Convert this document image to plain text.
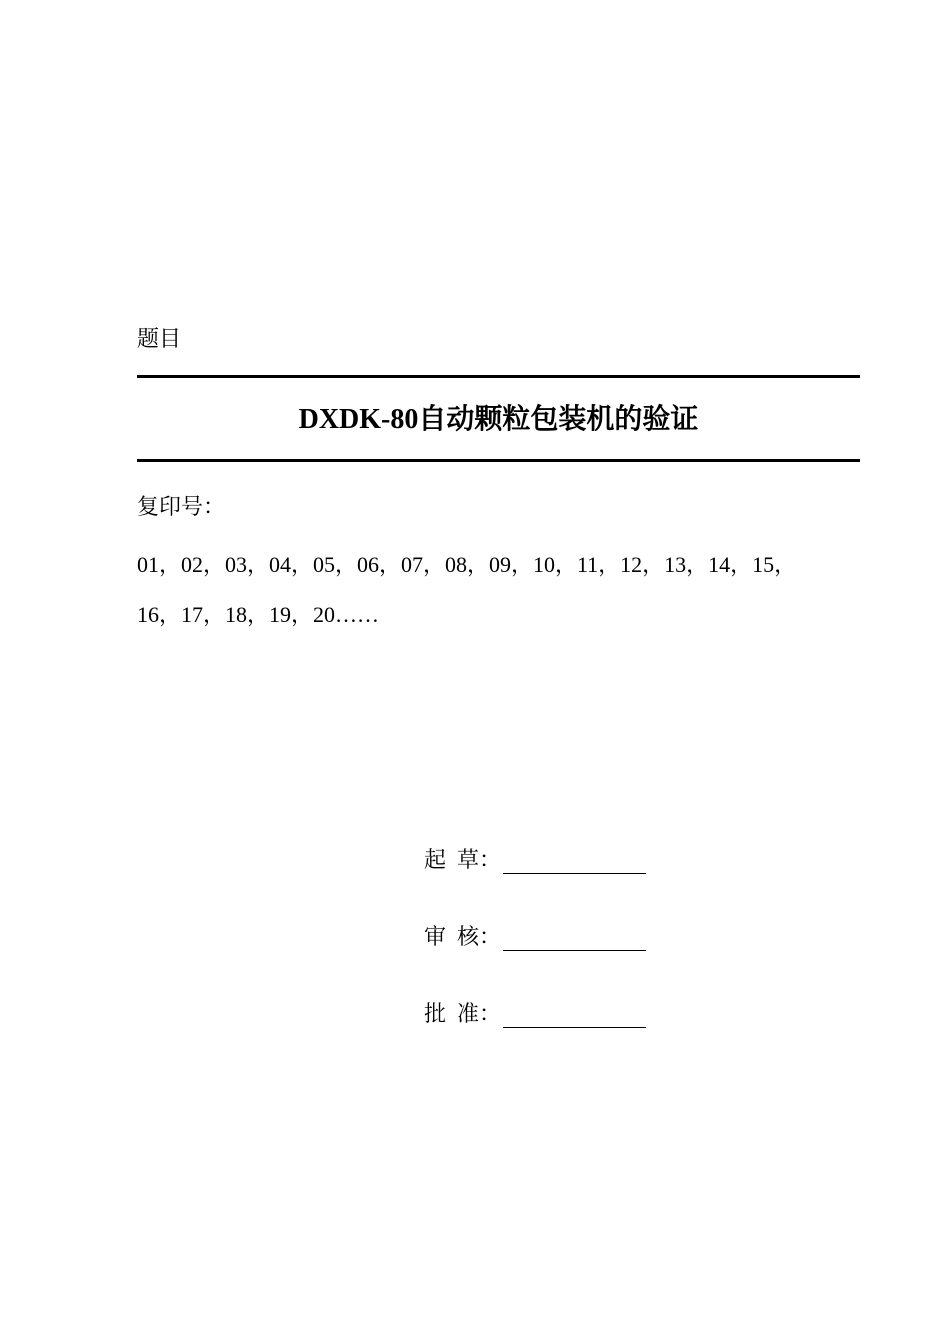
题目
DXDK-80自动颗粒包装机的验证
复印号：
01，02，03，04，05，06，07，08，09，10，11，12，13，14，15，
16，17，18，19，20……
起  草：
审  核：
批  准：
